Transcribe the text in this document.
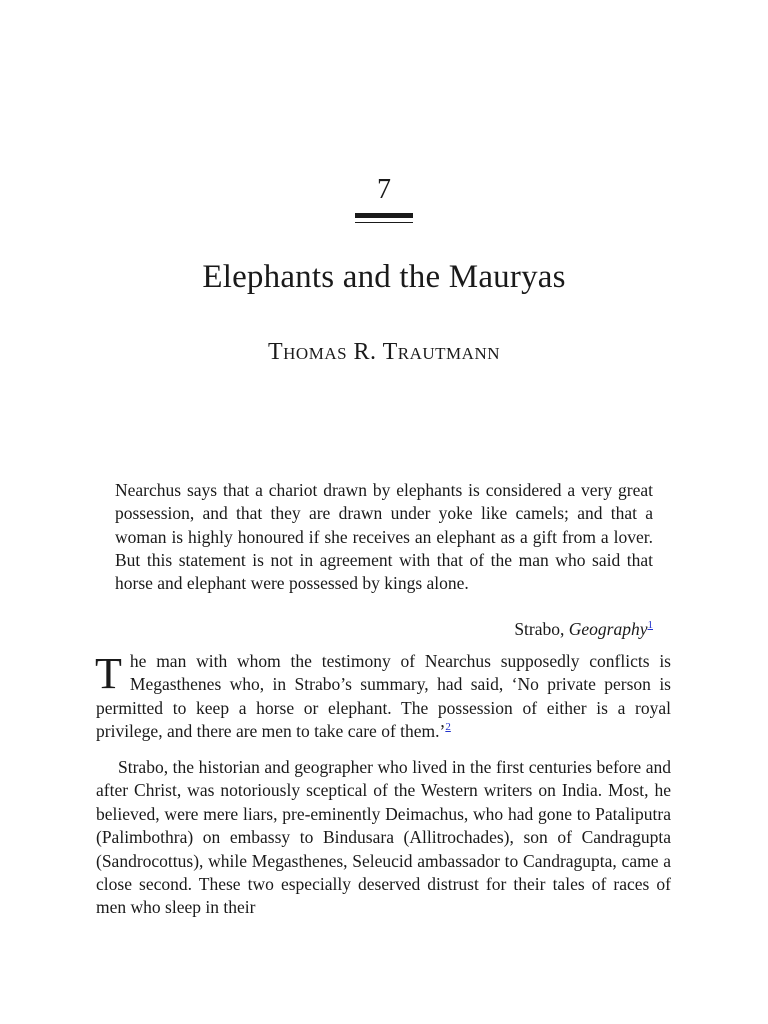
7
Elephants and the Mauryas
Thomas R. Trautmann
Nearchus says that a chariot drawn by elephants is considered a very great possession, and that they are drawn under yoke like camels; and that a woman is highly honoured if she receives an elephant as a gift from a lover. But this statement is not in agreement with that of the man who said that horse and elephant were possessed by kings alone.
Strabo, Geography$^1$

The man with whom the testimony of Nearchus supposedly conflicts is Megasthenes who, in Strabo’s summary, had said, ‘No private person is permitted to keep a horse or elephant. The possession of either is a royal privilege, and there are men to take care of them.’$^2$

Strabo, the historian and geographer who lived in the first centuries before and after Christ, was notoriously sceptical of the Western writers on India. Most, he believed, were mere liars, pre-eminently Deimachus, who had gone to Pataliputra (Palimbothra) on embassy to Bindusara (Allitrochades), son of Candragupta (Sandrocottus), while Megasthenes, Seleucid ambassador to Candragupta, came a close second. These two especially deserved distrust for their tales of races of men who sleep in their
